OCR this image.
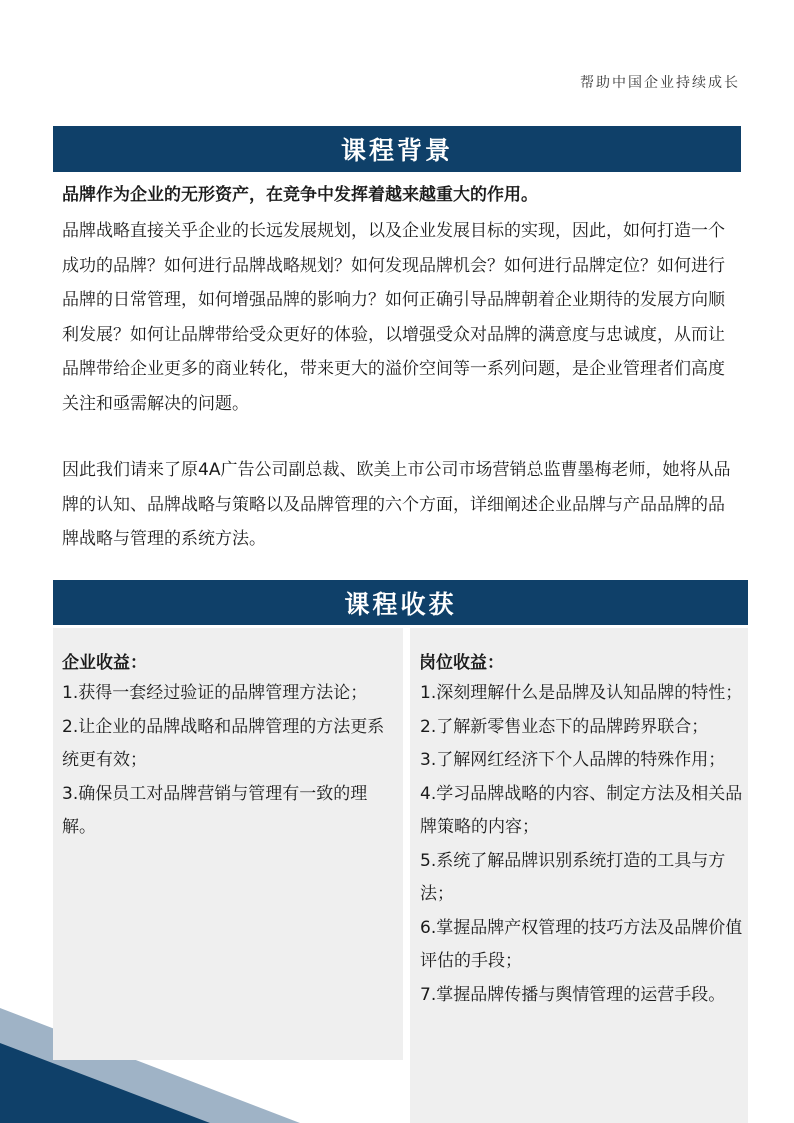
帮助中国企业持续成长
课程背景
品牌作为企业的无形资产，在竞争中发挥着越来越重大的作用。
品牌战略直接关乎企业的长远发展规划，以及企业发展目标的实现，因此，如何打造一个成功的品牌？如何进行品牌战略规划？如何发现品牌机会？如何进行品牌定位？如何进行品牌的日常管理，如何增强品牌的影响力？如何正确引导品牌朝着企业期待的发展方向顺利发展？如何让品牌带给受众更好的体验，以增强受众对品牌的满意度与忠诚度，从而让品牌带给企业更多的商业转化，带来更大的溢价空间等一系列问题，是企业管理者们高度关注和亟需解决的问题。
因此我们请来了原4A广告公司副总裁、欧美上市公司市场营销总监曹墨梅老师，她将从品牌的认知、品牌战略与策略以及品牌管理的六个方面，详细阐述企业品牌与产品品牌的品牌战略与管理的系统方法。
课程收获
企业收益：
1.获得一套经过验证的品牌管理方法论；
2.让企业的品牌战略和品牌管理的方法更系统更有效；
3.确保员工对品牌营销与管理有一致的理解。
岗位收益：
1.深刻理解什么是品牌及认知品牌的特性；
2.了解新零售业态下的品牌跨界联合；
3.了解网红经济下个人品牌的特殊作用；
4.学习品牌战略的内容、制定方法及相关品牌策略的内容；
5.系统了解品牌识别系统打造的工具与方法；
6.掌握品牌产权管理的技巧方法及品牌价值评估的手段；
7.掌握品牌传播与舆情管理的运营手段。
